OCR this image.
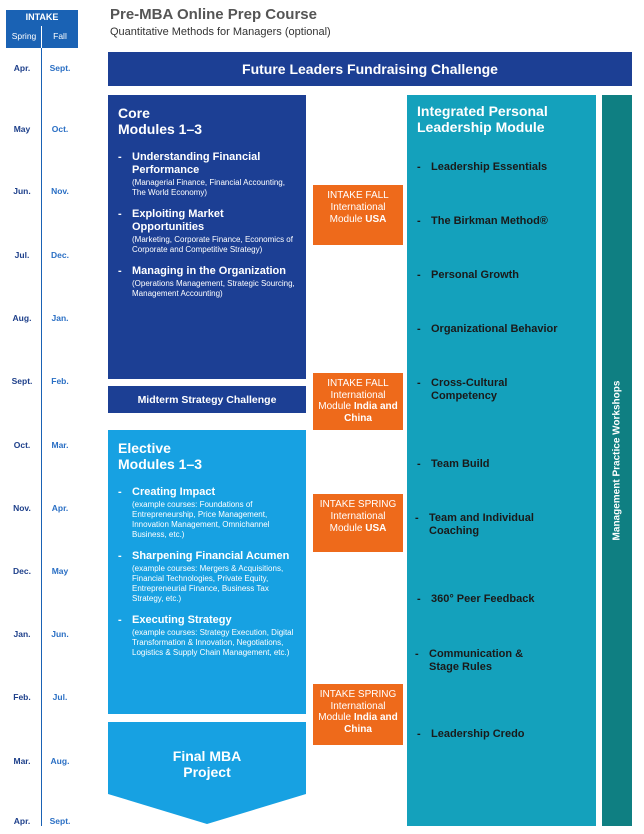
INTAKE
Spring	Fall
Apr.	Sept.
May	Oct.
Jun.	Nov.
Jul.	Dec.
Aug.	Jan.
Sept.	Feb.
Oct.	Mar.
Nov.	Apr.
Dec.	May
Jan.	Jun.
Feb.	Jul.
Mar.	Aug.
Apr.	Sept.
Pre-MBA Online Prep Course
Quantitative Methods for Managers (optional)
Future Leaders Fundraising Challenge
Core
Modules 1–3
- Understanding Financial Performance
(Managerial Finance, Financial Accounting, The World Economy)
- Exploiting Market Opportunities
(Marketing, Corporate Finance, Economics of Corporate and Competitive Strategy)
- Managing in the Organization
(Operations Management, Strategic Sourcing, Management Accounting)
Midterm Strategy Challenge
Elective
Modules 1–3
- Creating Impact
(example courses: Foundations of Entrepreneurship, Price Management, Innovation Management, Omnichannel Business, etc.)
- Sharpening Financial Acumen
(example courses: Mergers & Acquisitions, Financial Technologies, Private Equity, Entrepreneurial Finance, Business Tax Strategy, etc.)
- Executing Strategy
(example courses: Strategy Execution, Digital Transformation & Innovation, Negotiations, Logistics & Supply Chain Management, etc.)
Final MBA
Project
INTAKE FALL
International
Module USA
INTAKE FALL
International
Module India and China
INTAKE SPRING
International
Module USA
INTAKE SPRING
International
Module India and China
Integrated Personal
Leadership Module
- Leadership Essentials
- The Birkman Method®
- Personal Growth
- Organizational Behavior
- Cross-Cultural Competency
- Team Build
- Team and Individual Coaching
- 360° Peer Feedback
- Communication & Stage Rules
- Leadership Credo
Management Practice Workshops
